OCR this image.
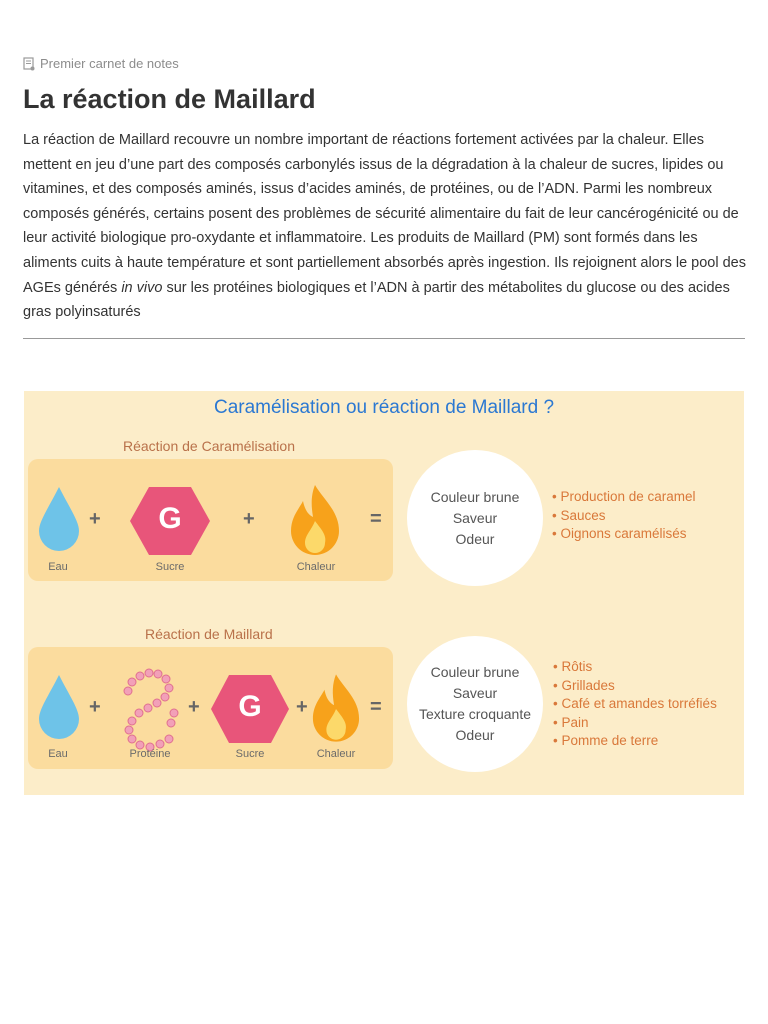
Premier carnet de notes
La réaction de Maillard

La réaction de Maillard recouvre un nombre important de réactions fortement activées par la chaleur. Elles mettent en jeu d’une part des composés carbonylés issus de la dégradation à la chaleur de sucres, lipides ou vitamines, et des composés aminés, issus d’acides aminés, de protéines, ou de l’ADN. Parmi les nombreux composés générés, certains posent des problèmes de sécurité alimentaire du fait de leur cancérogénicité ou de leur activité biologique pro-oxydante et inflammatoire. Les produits de Maillard (PM) sont formés dans les aliments cuits à haute température et sont partiellement absorbés après ingestion. Ils rejoignent alors le pool des AGEs générés in vivo sur les protéines biologiques et l’ADN à partir des métabolites du glucose ou des acides gras polyinsaturés

Caramélisation ou réaction de Maillard ?
Réaction de Caramélisation
Eau
+	G
Sucre
+
Chaleur
=
Couleur brune
Saveur
Odeur
• Production de caramel
• Sauces
• Oignons caramélisés
Réaction de Maillard
Eau
+
Protéine
+	G
Sucre
+
Chaleur
=
Couleur brune
Saveur
Texture croquante
Odeur
• Rôtis
• Grillades
• Café et amandes torréfiés
• Pain
• Pomme de terre
